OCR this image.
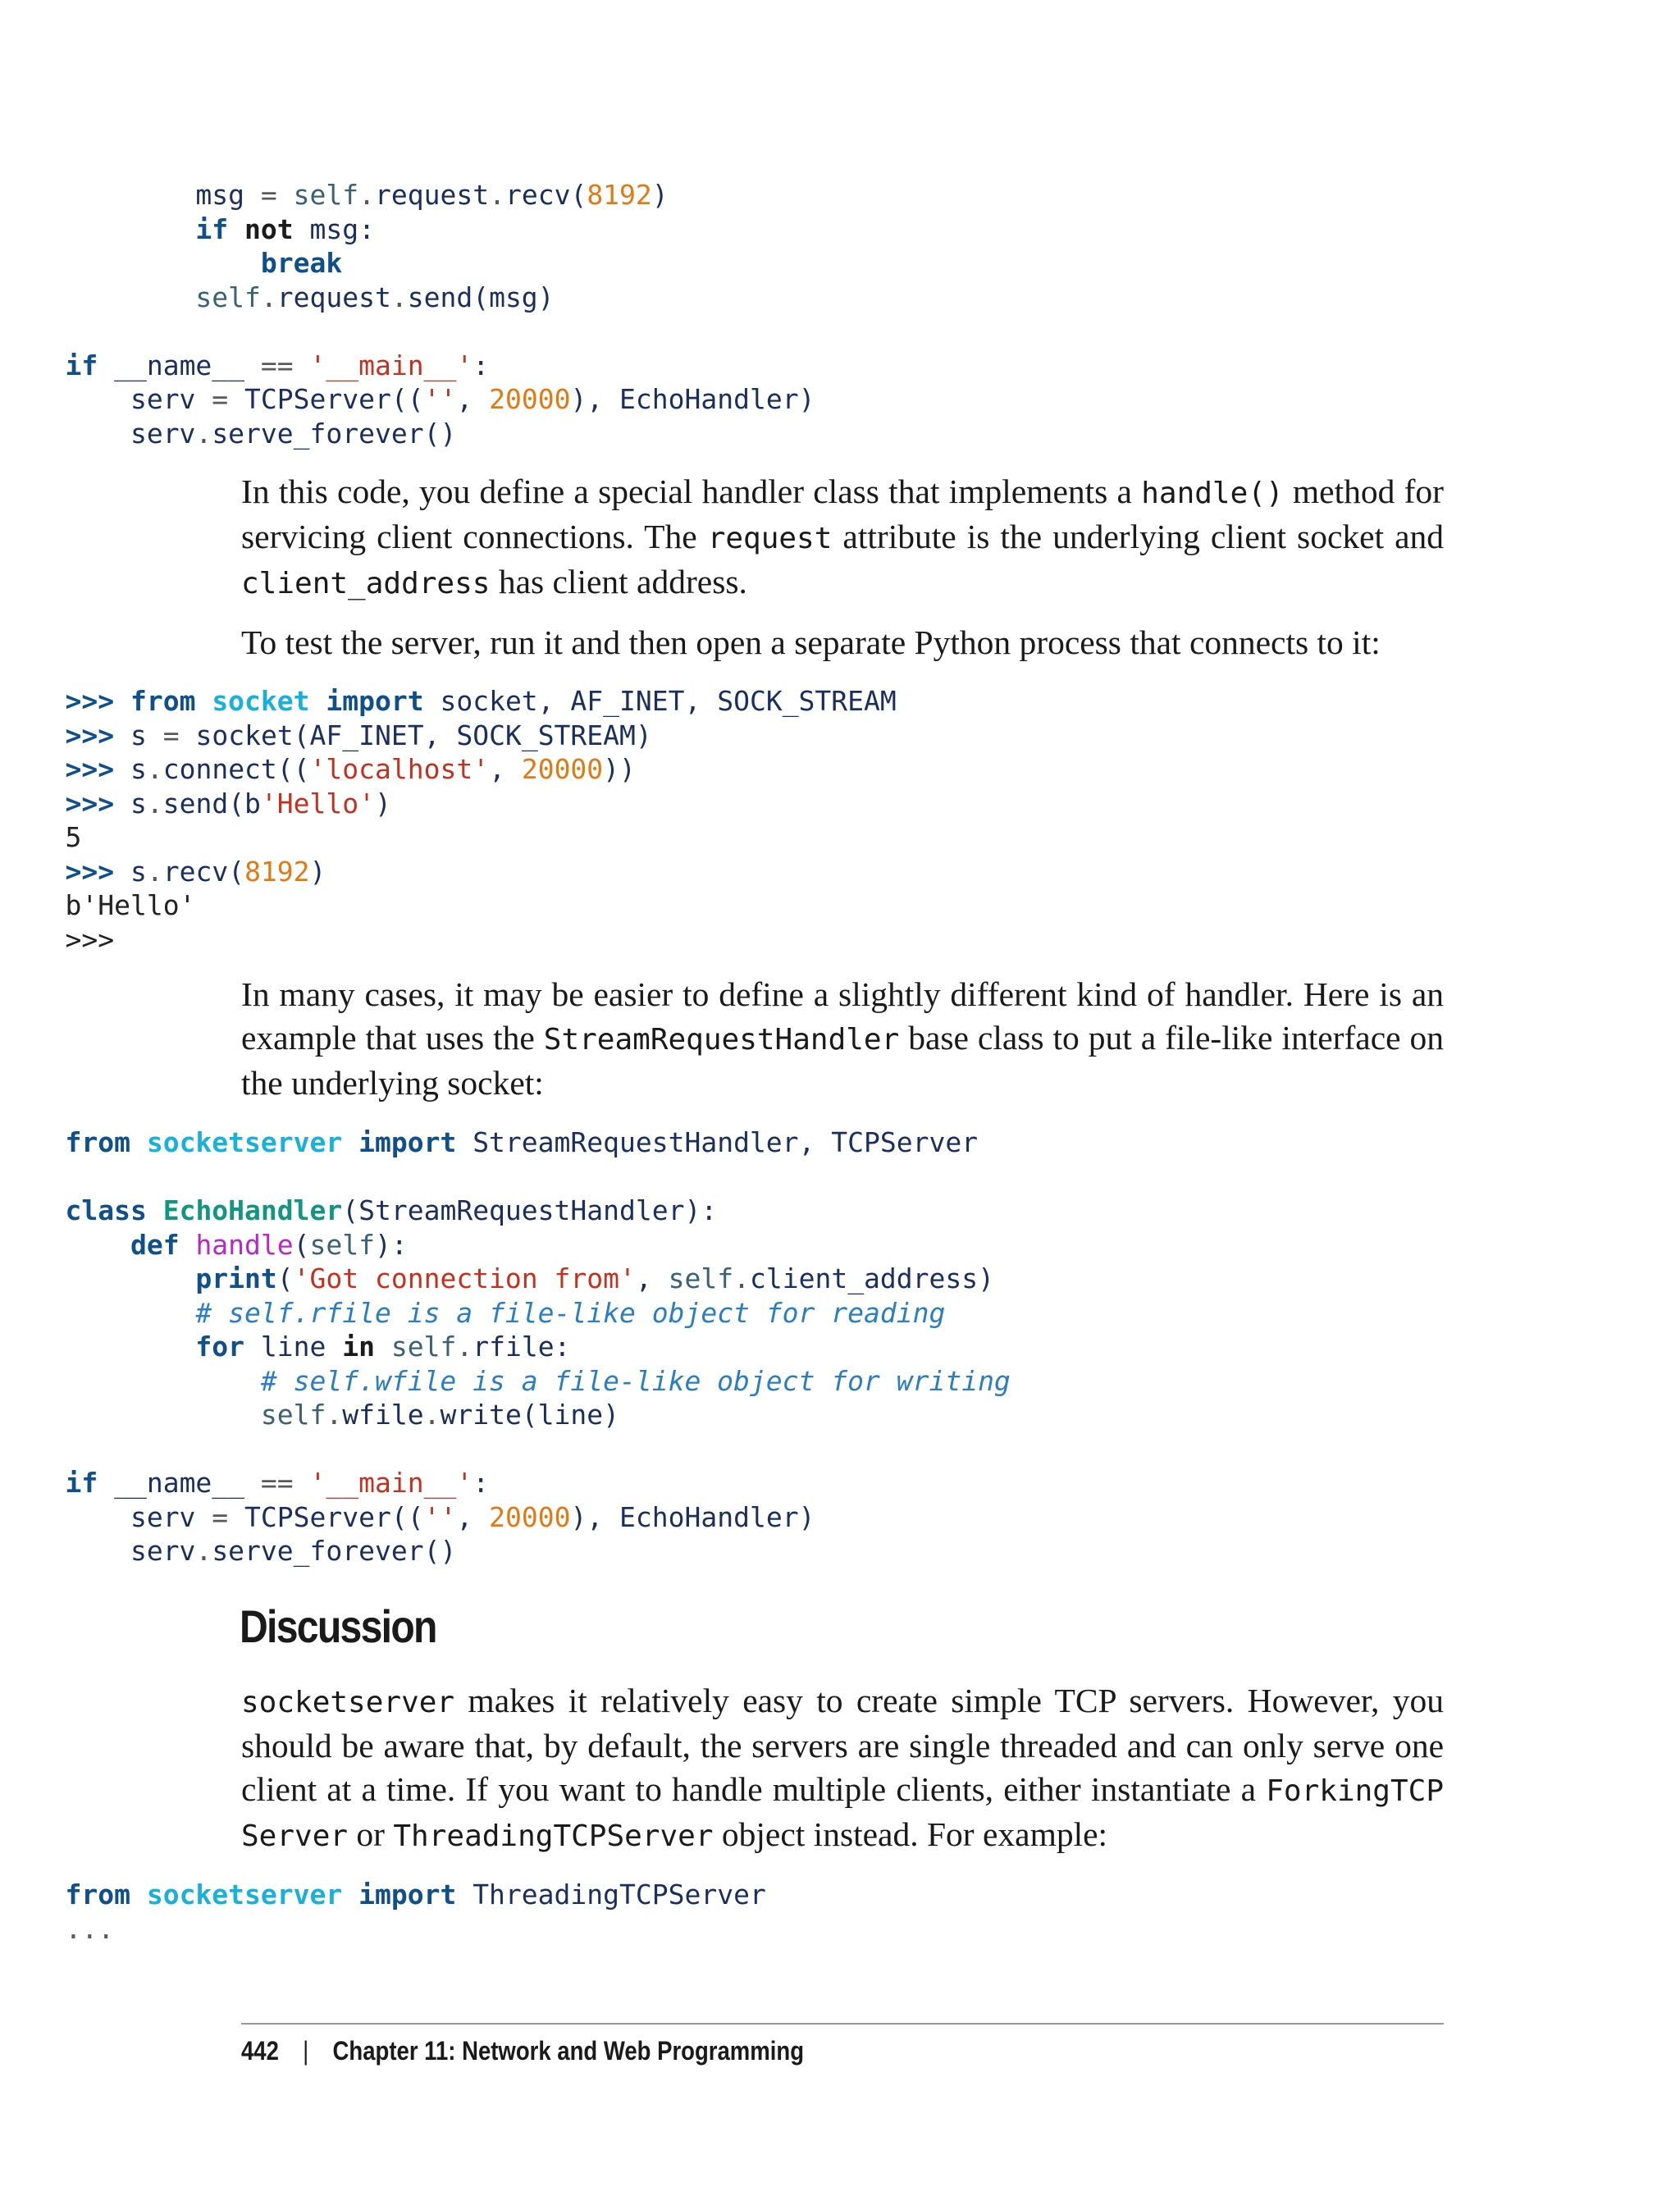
msg = self.request.recv(8192)
if not msg:
break
self.request.send(msg)
if __name__ == '__main__':
serv = TCPServer(('', 20000), EchoHandler)
serv.serve_forever()

In this code, you define a special handler class that implements a handle() method for servicing client connections. The request attribute is the underlying client socket and client_address has client address.

To test the server, run it and then open a separate Python process that connects to it:

>>> from socket import socket, AF_INET, SOCK_STREAM
>>> s = socket(AF_INET, SOCK_STREAM)
>>> s.connect(('localhost', 20000))
>>> s.send(b'Hello')
5
>>> s.recv(8192)
b'Hello'
>>>

In many cases, it may be easier to define a slightly different kind of handler. Here is an example that uses the StreamRequestHandler base class to put a file-like interface on the underlying socket:

from socketserver import StreamRequestHandler, TCPServer
class EchoHandler(StreamRequestHandler):
def handle(self):
print('Got connection from', self.client_address)
# self.rfile is a file-like object for reading
for line in self.rfile:
# self.wfile is a file-like object for writing
self.wfile.write(line)
if __name__ == '__main__':
serv = TCPServer(('', 20000), EchoHandler)
serv.serve_forever()
Discussion

socketserver makes it relatively easy to create simple TCP servers. However, you should be aware that, by default, the servers are single threaded and can only serve one client at a time. If you want to handle multiple clients, either instantiate a ForkingTCP Server or ThreadingTCPServer object instead. For example:

from socketserver import ThreadingTCPServer
...
442 | Chapter 11: Network and Web Programming
